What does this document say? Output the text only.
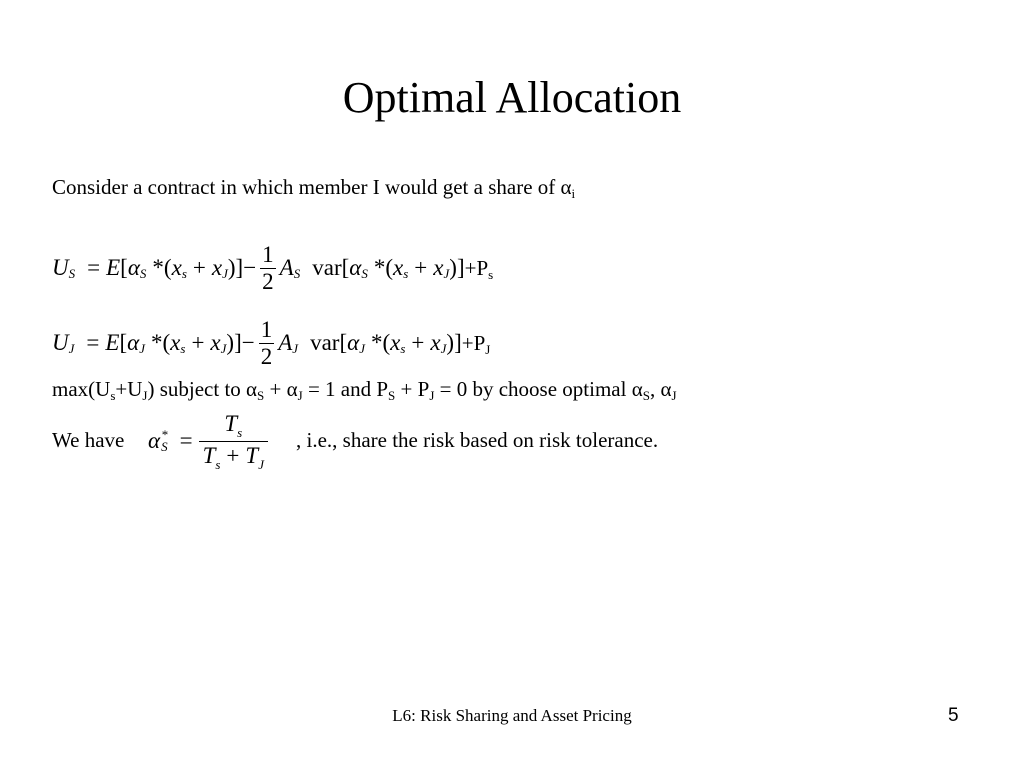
Optimal Allocation
Consider a contract in which member I would get a share of $\alpha_i$
U S = E [ α S * ( x s + x J )] − $\frac{1}{2}$ A S var[ α S * ( x s + x J )] $+P_s$
U J = E [ α J * ( x s + x J )] − $\frac{1}{2}$ A J var[ α J * ( x s + x J )] $+P_J$
$\max(U_s+U_J)$ subject to $\alpha_S + \alpha_J = 1$ and $P_S + P_J = 0$ by choose optimal $\alpha_S$, $\alpha_J$
We have α *
$S = \frac{T_s}{T_s + T_J}$ , i.e., share the risk based on risk tolerance.
L6: Risk Sharing and Asset Pricing	5
